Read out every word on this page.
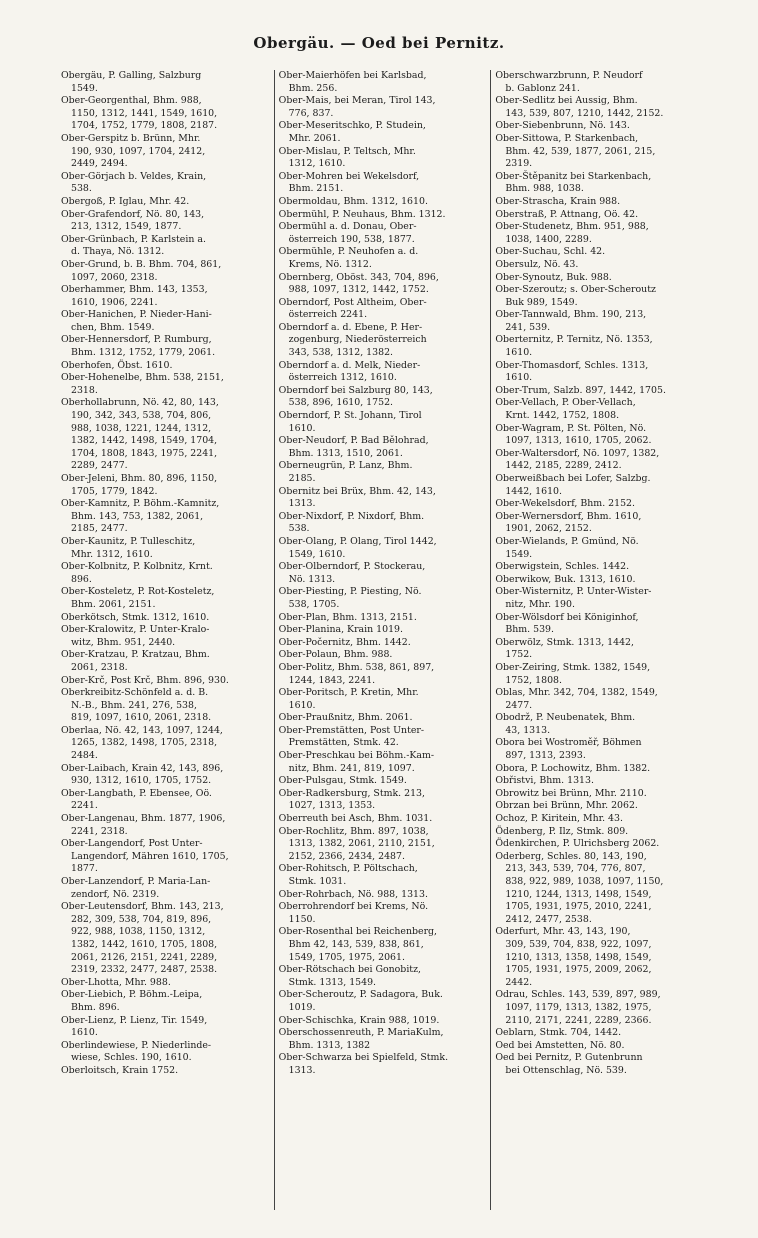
Obergäu. — Oed bei Pernitz.
Obergäu, P. Galling, Salzburg
1549.
Ober-Georgenthal, Bhm. 988,
1150, 1312, 1441, 1549, 1610,
1704, 1752, 1779, 1808, 2187.
Ober-Gerspitz b. Brünn, Mhr.
190, 930, 1097, 1704, 2412,
2449, 2494.
Ober-Görjach b. Veldes, Krain,
538.
Obergoß, P. Iglau, Mhr. 42.
Ober-Grafendorf, Nö. 80, 143,
213, 1312, 1549, 1877.
Ober-Grünbach, P. Karlstein a.
d. Thaya, Nö. 1312.
Ober-Grund, b. B. Bhm. 704, 861,
1097, 2060, 2318.
Oberhammer, Bhm. 143, 1353,
1610, 1906, 2241.
Ober-Hanichen, P. Nieder-Hani-
chen, Bhm. 1549.
Ober-Hennersdorf, P. Rumburg,
Bhm. 1312, 1752, 1779, 2061.
Oberhofen, Öbst. 1610.
Ober-Hohenelbe, Bhm. 538, 2151,
2318.
Oberhollabrunn, Nö. 42, 80, 143,
190, 342, 343, 538, 704, 806,
988, 1038, 1221, 1244, 1312,
1382, 1442, 1498, 1549, 1704,
1704, 1808, 1843, 1975, 2241,
2289, 2477.
Ober-Jeleni, Bhm. 80, 896, 1150,
1705, 1779, 1842.
Ober-Kamnitz, P. Böhm.-Kamnitz,
Bhm. 143, 753, 1382, 2061,
2185, 2477.
Ober-Kaunitz, P. Tulleschitz,
Mhr. 1312, 1610.
Ober-Kolbnitz, P. Kolbnitz, Krnt.
896.
Ober-Kosteletz, P. Rot-Kosteletz,
Bhm. 2061, 2151.
Oberkötsch, Stmk. 1312, 1610.
Ober-Kralowitz, P. Unter-Kralo-
witz, Bhm. 951, 2440.
Ober-Kratzau, P. Kratzau, Bhm.
2061, 2318.
Ober-Krč, Post Krč, Bhm. 896, 930.
Oberkreibitz-Schönfeld a. d. B.
N.-B., Bhm. 241, 276, 538,
819, 1097, 1610, 2061, 2318.
Oberlaa, Nö. 42, 143, 1097, 1244,
1265, 1382, 1498, 1705, 2318,
2484.
Ober-Laibach, Krain 42, 143, 896,
930, 1312, 1610, 1705, 1752.
Ober-Langbath, P. Ebensee, Oö.
2241.
Ober-Langenau, Bhm. 1877, 1906,
2241, 2318.
Ober-Langendorf, Post Unter-
Langendorf, Mähren 1610, 1705,
1877.
Ober-Lanzendorf, P. Maria-Lan-
zendorf, Nö. 2319.
Ober-Leutensdorf, Bhm. 143, 213,
282, 309, 538, 704, 819, 896,
922, 988, 1038, 1150, 1312,
1382, 1442, 1610, 1705, 1808,
2061, 2126, 2151, 2241, 2289,
2319, 2332, 2477, 2487, 2538.
Ober-Lhotta, Mhr. 988.
Ober-Liebich, P. Böhm.-Leipa,
Bhm. 896.
Ober-Lienz, P. Lienz, Tir. 1549,
1610.
Oberlindewiese, P. Niederlinde-
wiese, Schles. 190, 1610.
Oberloitsch, Krain 1752.
Ober-Maierhöfen bei Karlsbad,
Bhm. 256.
Ober-Mais, bei Meran, Tirol 143,
776, 837.
Ober-Meseritschko, P. Studein,
Mhr. 2061.
Ober-Mislau, P. Teltsch, Mhr.
1312, 1610.
Ober-Mohren bei Wekelsdorf,
Bhm. 2151.
Obermoldau, Bhm. 1312, 1610.
Obermühl, P. Neuhaus, Bhm. 1312.
Obermühl a. d. Donau, Ober-
österreich 190, 538, 1877.
Obermühle, P. Neuhofen a. d.
Krems, Nö. 1312.
Obernberg, Oböst. 343, 704, 896,
988, 1097, 1312, 1442, 1752.
Oberndorf, Post Altheim, Ober-
österreich 2241.
Oberndorf a. d. Ebene, P. Her-
zogenburg, Niederösterreich
343, 538, 1312, 1382.
Oberndorf a. d. Melk, Nieder-
österreich 1312, 1610.
Oberndorf bei Salzburg 80, 143,
538, 896, 1610, 1752.
Oberndorf, P. St. Johann, Tirol
1610.
Ober-Neudorf, P. Bad Bělohrad,
Bhm. 1313, 1510, 2061.
Oberneugrün, P. Lanz, Bhm.
2185.
Obernitz bei Brüx, Bhm. 42, 143,
1313.
Ober-Nixdorf, P. Nixdorf, Bhm.
538.
Ober-Olang, P. Olang, Tirol 1442,
1549, 1610.
Ober-Olberndorf, P. Stockerau,
Nö. 1313.
Ober-Piesting, P. Piesting, Nö.
538, 1705.
Ober-Plan, Bhm. 1313, 2151.
Ober-Planina, Krain 1019.
Ober-Počernitz, Bhm. 1442.
Ober-Polaun, Bhm. 988.
Ober-Politz, Bhm. 538, 861, 897,
1244, 1843, 2241.
Ober-Poritsch, P. Kretin, Mhr.
1610.
Ober-Praußnitz, Bhm. 2061.
Ober-Premstätten, Post Unter-
Premstätten, Stmk. 42.
Ober-Preschkau bei Böhm.-Kam-
nitz, Bhm. 241, 819, 1097.
Ober-Pulsgau, Stmk. 1549.
Ober-Radkersburg, Stmk. 213,
1027, 1313, 1353.
Oberreuth bei Asch, Bhm. 1031.
Ober-Rochlitz, Bhm. 897, 1038,
1313, 1382, 2061, 2110, 2151,
2152, 2366, 2434, 2487.
Ober-Rohitsch, P. Pöltschach,
Stmk. 1031.
Ober-Rohrbach, Nö. 988, 1313.
Oberrohrendorf bei Krems, Nö.
1150.
Ober-Rosenthal bei Reichenberg,
Bhm 42, 143, 539, 838, 861,
1549, 1705, 1975, 2061.
Ober-Rötschach bei Gonobitz,
Stmk. 1313, 1549.
Ober-Scheroutz, P. Sadagora, Buk.
1019.
Ober-Schischka, Krain 988, 1019.
Oberschossenreuth, P. MariaKulm,
Bhm. 1313, 1382
Ober-Schwarza bei Spielfeld, Stmk.
1313.
Oberschwarzbrunn, P. Neudorf
b. Gablonz 241.
Ober-Sedlitz bei Aussig, Bhm.
143, 539, 807, 1210, 1442, 2152.
Ober-Siebenbrunn, Nö. 143.
Ober-Sittowa, P. Starkenbach,
Bhm. 42, 539, 1877, 2061, 215,
2319.
Ober-Štěpanitz bei Starkenbach,
Bhm. 988, 1038.
Ober-Strascha, Krain 988.
Oberstraß, P. Attnang, Oö. 42.
Ober-Studenetz, Bhm. 951, 988,
1038, 1400, 2289.
Ober-Suchau, Schl. 42.
Obersulz, Nö. 43.
Ober-Synoutz, Buk. 988.
Ober-Szeroutz; s. Ober-Scheroutz
Buk 989, 1549.
Ober-Tannwald, Bhm. 190, 213,
241, 539.
Oberternitz, P. Ternitz, Nö. 1353,
1610.
Ober-Thomasdorf, Schles. 1313,
1610.
Ober-Trum, Salzb. 897, 1442, 1705.
Ober-Vellach, P. Ober-Vellach,
Krnt. 1442, 1752, 1808.
Ober-Wagram, P. St. Pölten, Nö.
1097, 1313, 1610, 1705, 2062.
Ober-Waltersdorf, Nö. 1097, 1382,
1442, 2185, 2289, 2412.
Oberweißbach bei Lofer, Salzbg.
1442, 1610.
Ober-Wekelsdorf, Bhm. 2152.
Ober-Wernersdorf, Bhm. 1610,
1901, 2062, 2152.
Ober-Wielands, P. Gmünd, Nö.
1549.
Oberwigstein, Schles. 1442.
Oberwikow, Buk. 1313, 1610.
Ober-Wisternitz, P. Unter-Wister-
nitz, Mhr. 190.
Ober-Wölsdorf bei Königinhof,
Bhm. 539.
Oberwölz, Stmk. 1313, 1442,
1752.
Ober-Zeiring, Stmk. 1382, 1549,
1752, 1808.
Oblas, Mhr. 342, 704, 1382, 1549,
2477.
Obodrž, P. Neubenatek, Bhm.
43, 1313.
Obora bei Wostroměř, Böhmen
897, 1313, 2393.
Obora, P. Lochowitz, Bhm. 1382.
Obřistvi, Bhm. 1313.
Obrowitz bei Brünn, Mhr. 2110.
Obrzan bei Brünn, Mhr. 2062.
Ochoz, P. Kiritein, Mhr. 43.
Ödenberg, P. Ilz, Stmk. 809.
Ödenkirchen, P. Ulrichsberg 2062.
Oderberg, Schles. 80, 143, 190,
213, 343, 539, 704, 776, 807,
838, 922, 989, 1038, 1097, 1150,
1210, 1244, 1313, 1498, 1549,
1705, 1931, 1975, 2010, 2241,
2412, 2477, 2538.
Oderfurt, Mhr. 43, 143, 190,
309, 539, 704, 838, 922, 1097,
1210, 1313, 1358, 1498, 1549,
1705, 1931, 1975, 2009, 2062,
2442.
Odrau, Schles. 143, 539, 897, 989,
1097, 1179, 1313, 1382, 1975,
2110, 2171, 2241, 2289, 2366.
Oeblarn, Stmk. 704, 1442.
Oed bei Amstetten, Nö. 80.
Oed bei Pernitz, P. Gutenbrunn
bei Ottenschlag, Nö. 539.
